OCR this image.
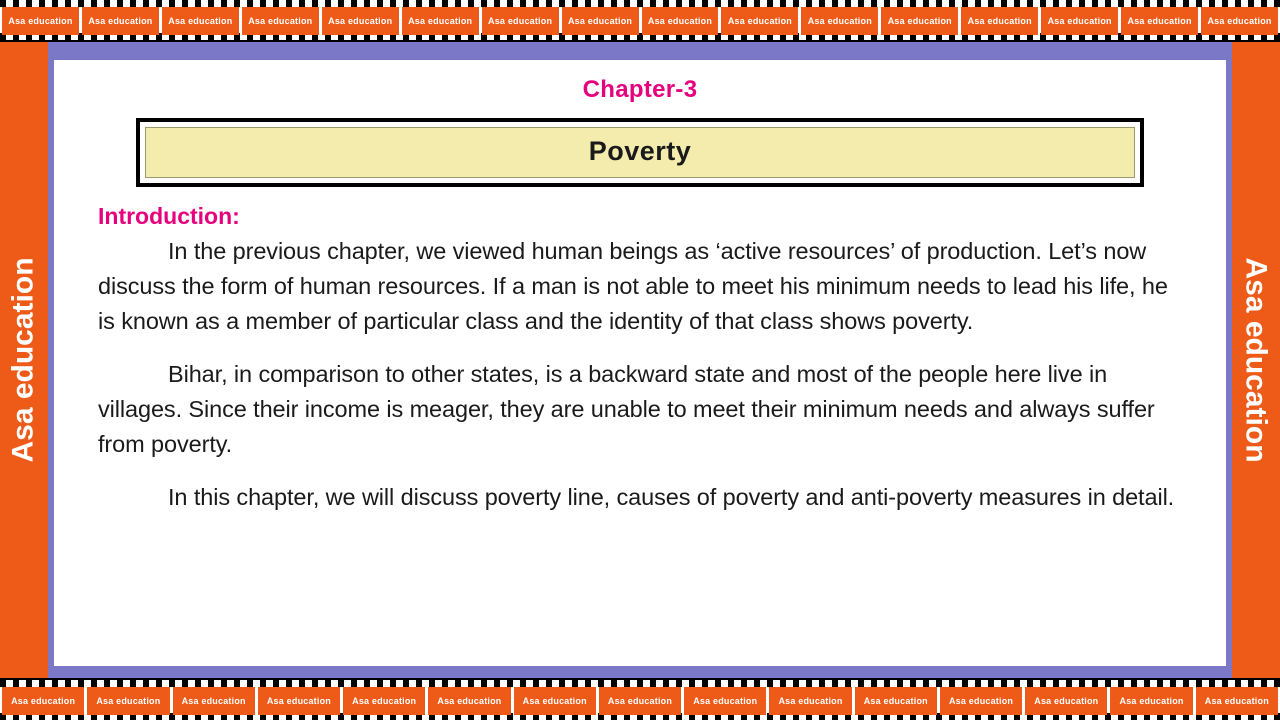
Asa education Asa education Asa education Asa education Asa education Asa education Asa education Asa education Asa education Asa education Asa education Asa education Asa education Asa education Asa education Asa education
Asa education	Asa education
Chapter-3
Poverty
Introduction:

In the previous chapter, we viewed human beings as ‘active resources’ of production. Let’s now discuss the form of human resources. If a man is not able to meet his minimum needs to lead his life, he is known as a member of particular class and the identity of that class shows poverty.

Bihar, in comparison to other states, is a backward state and most of the people here live in villages. Since their income is meager, they are unable to meet their minimum needs and always suffer from poverty.

In this chapter, we will discuss poverty line, causes of poverty and anti-poverty measures in detail.

Asa education Asa education Asa education Asa education Asa education Asa education Asa education Asa education Asa education Asa education Asa education Asa education Asa education Asa education Asa education
